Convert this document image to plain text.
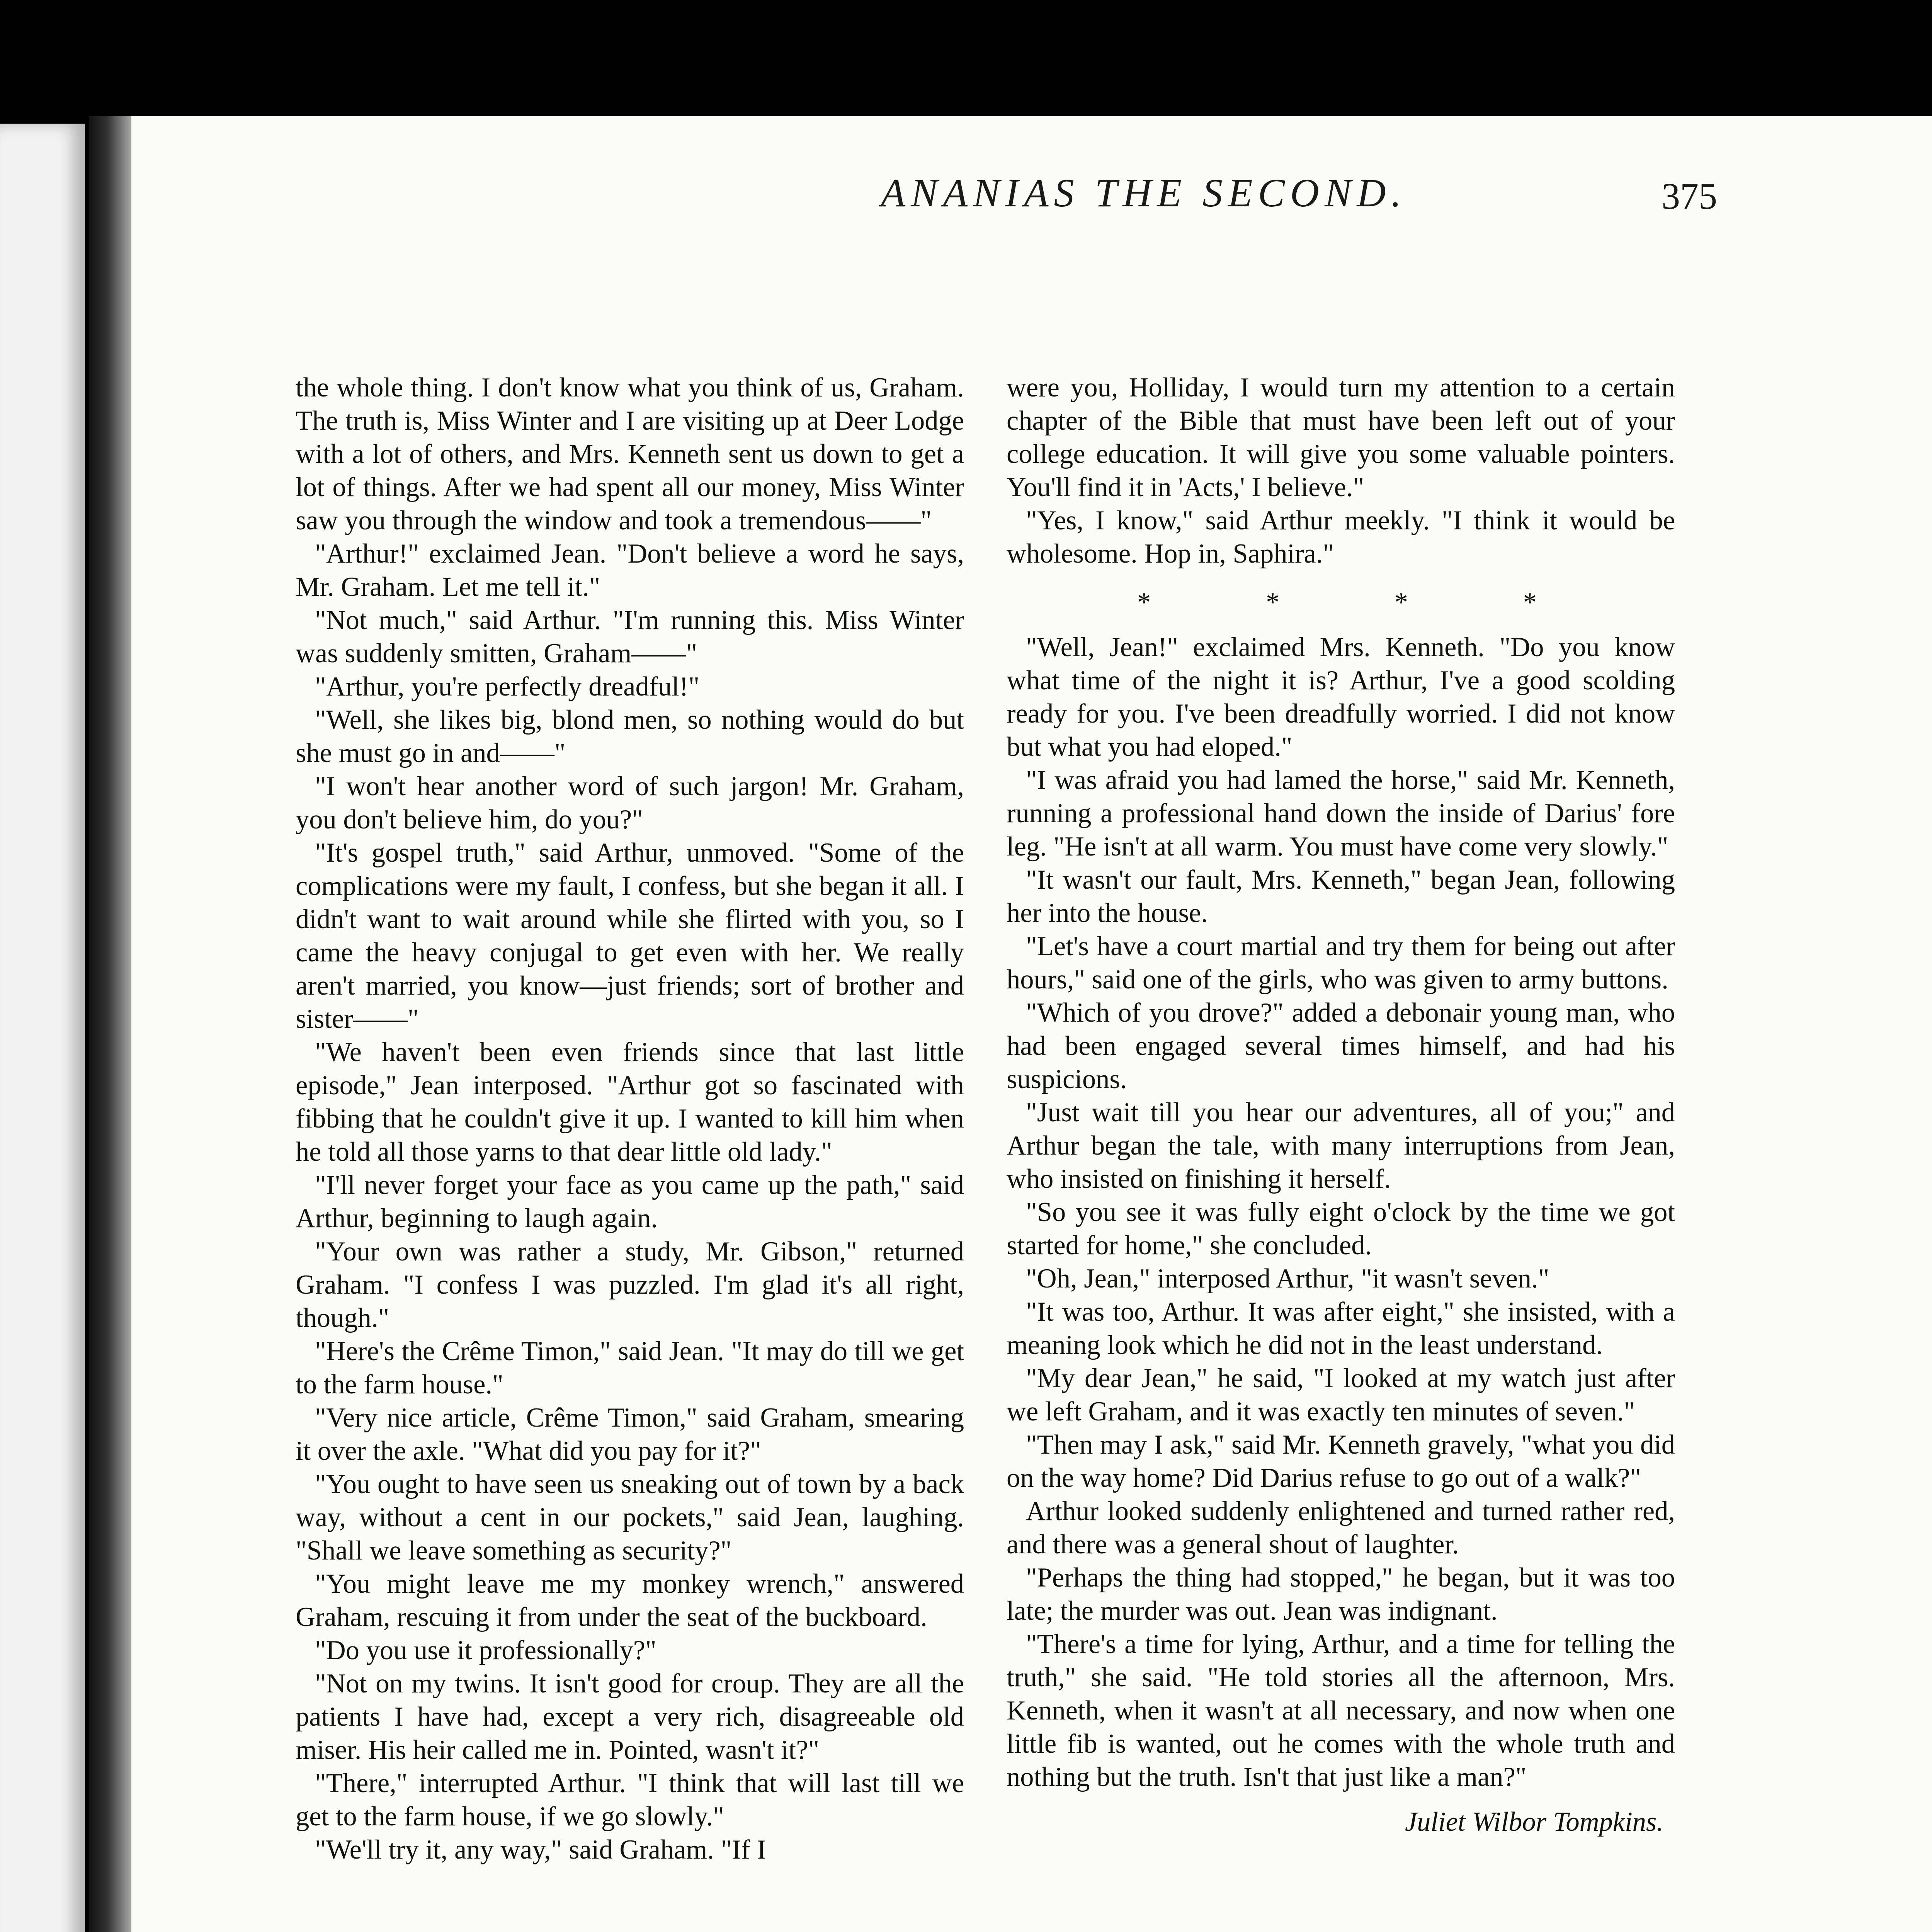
ANANIAS THE SECOND.	375

the whole thing. I don't know what you think of us, Graham. The truth is, Miss Winter and I are visiting up at Deer Lodge with a lot of others, and Mrs. Kenneth sent us down to get a lot of things. After we had spent all our money, Miss Winter saw you through the window and took a tremendous——"

"Arthur!" exclaimed Jean. "Don't believe a word he says, Mr. Graham. Let me tell it."

"Not much," said Arthur. "I'm running this. Miss Winter was suddenly smitten, Graham——"

"Arthur, you're perfectly dreadful!"

"Well, she likes big, blond men, so nothing would do but she must go in and——"

"I won't hear another word of such jargon! Mr. Graham, you don't believe him, do you?"

"It's gospel truth," said Arthur, unmoved. "Some of the complications were my fault, I confess, but she began it all. I didn't want to wait around while she flirted with you, so I came the heavy conjugal to get even with her. We really aren't married, you know—just friends; sort of brother and sister——"

"We haven't been even friends since that last little episode," Jean interposed. "Arthur got so fascinated with fibbing that he couldn't give it up. I wanted to kill him when he told all those yarns to that dear little old lady."

"I'll never forget your face as you came up the path," said Arthur, beginning to laugh again.

"Your own was rather a study, Mr. Gibson," returned Graham. "I confess I was puzzled. I'm glad it's all right, though."

"Here's the Crême Timon," said Jean. "It may do till we get to the farm house."

"Very nice article, Crême Timon," said Graham, smearing it over the axle. "What did you pay for it?"

"You ought to have seen us sneaking out of town by a back way, without a cent in our pockets," said Jean, laughing. "Shall we leave something as security?"

"You might leave me my monkey wrench," answered Graham, rescuing it from under the seat of the buckboard.

"Do you use it professionally?"

"Not on my twins. It isn't good for croup. They are all the patients I have had, except a very rich, disagreeable old miser. His heir called me in. Pointed, wasn't it?"

"There," interrupted Arthur. "I think that will last till we get to the farm house, if we go slowly."

"We'll try it, any way," said Graham. "If I

were you, Holliday, I would turn my attention to a certain chapter of the Bible that must have been left out of your college education. It will give you some valuable pointers. You'll find it in 'Acts,' I believe."

"Yes, I know," said Arthur meekly. "I think it would be wholesome. Hop in, Saphira."

* * * *

"Well, Jean!" exclaimed Mrs. Kenneth. "Do you know what time of the night it is? Arthur, I've a good scolding ready for you. I've been dreadfully worried. I did not know but what you had eloped."

"I was afraid you had lamed the horse," said Mr. Kenneth, running a professional hand down the inside of Darius' fore leg. "He isn't at all warm. You must have come very slowly."

"It wasn't our fault, Mrs. Kenneth," began Jean, following her into the house.

"Let's have a court martial and try them for being out after hours," said one of the girls, who was given to army buttons.

"Which of you drove?" added a debonair young man, who had been engaged several times himself, and had his suspicions.

"Just wait till you hear our adventures, all of you;" and Arthur began the tale, with many interruptions from Jean, who insisted on finishing it herself.

"So you see it was fully eight o'clock by the time we got started for home," she concluded.

"Oh, Jean," interposed Arthur, "it wasn't seven."

"It was too, Arthur. It was after eight," she insisted, with a meaning look which he did not in the least understand.

"My dear Jean," he said, "I looked at my watch just after we left Graham, and it was exactly ten minutes of seven."

"Then may I ask," said Mr. Kenneth gravely, "what you did on the way home? Did Darius refuse to go out of a walk?"

Arthur looked suddenly enlightened and turned rather red, and there was a general shout of laughter.

"Perhaps the thing had stopped," he began, but it was too late; the murder was out. Jean was indignant.

"There's a time for lying, Arthur, and a time for telling the truth," she said. "He told stories all the afternoon, Mrs. Kenneth, when it wasn't at all necessary, and now when one little fib is wanted, out he comes with the whole truth and nothing but the truth. Isn't that just like a man?"

Juliet Wilbor Tompkins.
